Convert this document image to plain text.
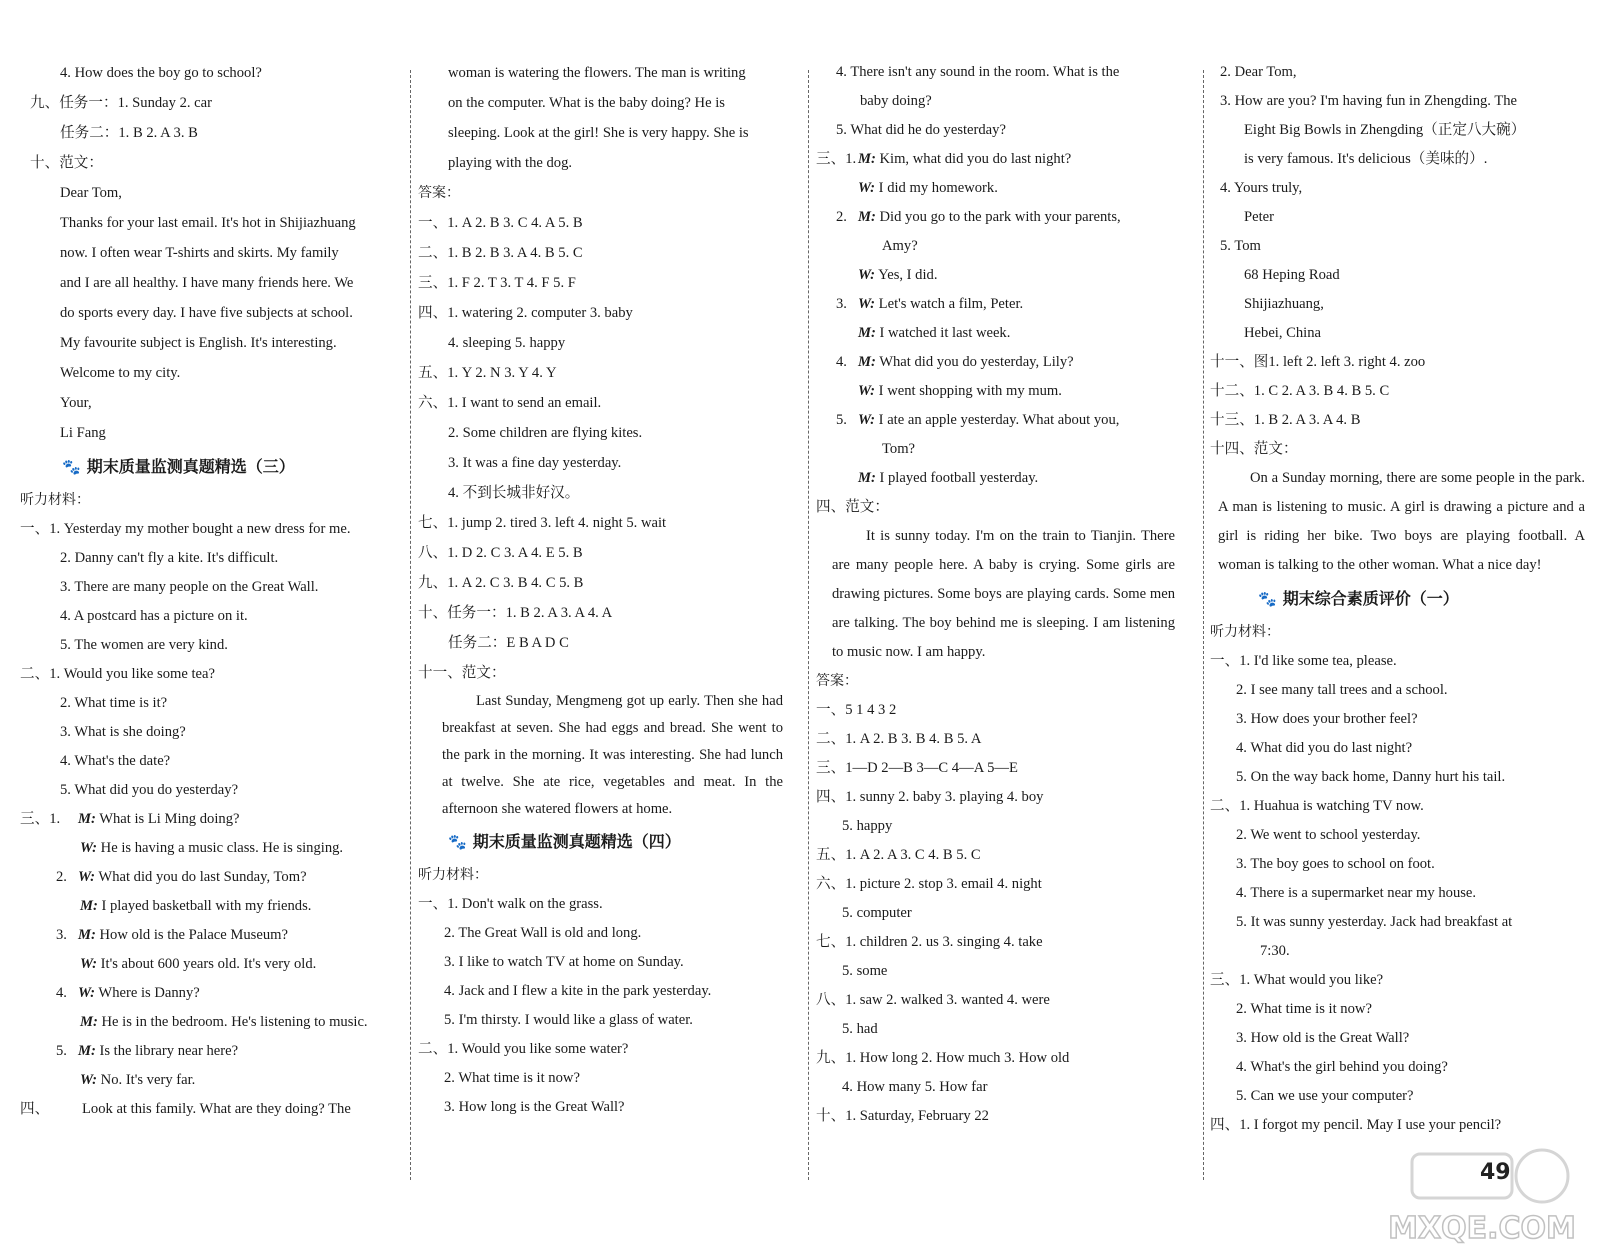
4. How does the boy go to school?
九、任务一：1. Sunday 2. car
任务二：1. B 2. A 3. B
十、范文：
Dear Tom,
Thanks for your last email. It's hot in Shijiazhuang
now. I often wear T-shirts and skirts. My family
and I are all healthy. I have many friends here. We
do sports every day. I have five subjects at school.
My favourite subject is English. It's interesting.
Welcome to my city.
Your,
Li Fang
🐾 期末质量监测真题精选（三）
听力材料：
一、1. Yesterday my mother bought a new dress for me.
2. Danny can't fly a kite. It's difficult.
3. There are many people on the Great Wall.
4. A postcard has a picture on it.
5. The women are very kind.
二、1. Would you like some tea?
2. What time is it?
3. What is she doing?
4. What's the date?
5. What did you do yesterday?
三、1. M: What is Li Ming doing?
W: He is having a music class. He is singing.
2. W: What did you do last Sunday, Tom?
M: I played basketball with my friends.
3. M: How old is the Palace Museum?
W: It's about 600 years old. It's very old.
4. W: Where is Danny?
M: He is in the bedroom. He's listening to music.
5. M: Is the library near here?
W: No. It's very far.
四、 Look at this family. What are they doing? The
woman is watering the flowers. The man is writing
on the computer. What is the baby doing? He is
sleeping. Look at the girl! She is very happy. She is
playing with the dog.
答案：
一、1. A 2. B 3. C 4. A 5. B
二、1. B 2. B 3. A 4. B 5. C
三、1. F 2. T 3. T 4. F 5. F
四、1. watering 2. computer 3. baby
4. sleeping 5. happy
五、1. Y 2. N 3. Y 4. Y
六、1. I want to send an email.
2. Some children are flying kites.
3. It was a fine day yesterday.
4. 不到长城非好汉。
七、1. jump 2. tired 3. left 4. night 5. wait
八、1. D 2. C 3. A 4. E 5. B
九、1. A 2. C 3. B 4. C 5. B
十、任务一：1. B 2. A 3. A 4. A
任务二：E B A D C
十一、范文：
Last Sunday, Mengmeng got up early. Then she had breakfast at seven. She had eggs and bread. She went to the park in the morning. It was interesting. She had lunch at twelve. She ate rice, vegetables and meat. In the afternoon she watered flowers at home.
🐾 期末质量监测真题精选（四）
听力材料：
一、1. Don't walk on the grass.
2. The Great Wall is old and long.
3. I like to watch TV at home on Sunday.
4. Jack and I flew a kite in the park yesterday.
5. I'm thirsty. I would like a glass of water.
二、1. Would you like some water?
2. What time is it now?
3. How long is the Great Wall?
4. There isn't any sound in the room. What is the
baby doing?
5. What did he do yesterday?
三、1. M: Kim, what did you do last night?
W: I did my homework.
2. M: Did you go to the park with your parents,
Amy?
W: Yes, I did.
3. W: Let's watch a film, Peter.
M: I watched it last week.
4. M: What did you do yesterday, Lily?
W: I went shopping with my mum.
5. W: I ate an apple yesterday. What about you,
Tom?
M: I played football yesterday.
四、范文：
It is sunny today. I'm on the train to Tianjin. There are many people here. A baby is crying. Some girls are drawing pictures. Some boys are playing cards. Some men are talking. The boy behind me is sleeping. I am listening to music now. I am happy.
答案：
一、5 1 4 3 2
二、1. A 2. B 3. B 4. B 5. A
三、1—D 2—B 3—C 4—A 5—E
四、1. sunny 2. baby 3. playing 4. boy
5. happy
五、1. A 2. A 3. C 4. B 5. C
六、1. picture 2. stop 3. email 4. night
5. computer
七、1. children 2. us 3. singing 4. take
5. some
八、1. saw 2. walked 3. wanted 4. were
5. had
九、1. How long 2. How much 3. How old
4. How many 5. How far
十、1. Saturday, February 22
2. Dear Tom,
3. How are you? I'm having fun in Zhengding. The
Eight Big Bowls in Zhengding（正定八大碗）
is very famous. It's delicious（美味的）.
4. Yours truly,
Peter
5. Tom
68 Heping Road
Shijiazhuang,
Hebei, China
十一、图1. left 2. left 3. right 4. zoo
十二、1. C 2. A 3. B 4. B 5. C
十三、1. B 2. A 3. A 4. B
十四、范文：
On a Sunday morning, there are some people in the park. A man is listening to music. A girl is drawing a picture and a girl is riding her bike. Two boys are playing football. A woman is talking to the other woman. What a nice day!
🐾 期末综合素质评价（一）
听力材料：
一、1. I'd like some tea, please.
2. I see many tall trees and a school.
3. How does your brother feel?
4. What did you do last night?
5. On the way back home, Danny hurt his tail.
二、1. Huahua is watching TV now.
2. We went to school yesterday.
3. The boy goes to school on foot.
4. There is a supermarket near my house.
5. It was sunny yesterday. Jack had breakfast at
7:30.
三、1. What would you like?
2. What time is it now?
3. How old is the Great Wall?
4. What's the girl behind you doing?
5. Can we use your computer?
四、1. I forgot my pencil. May I use your pencil?
49
MXQE.COM
